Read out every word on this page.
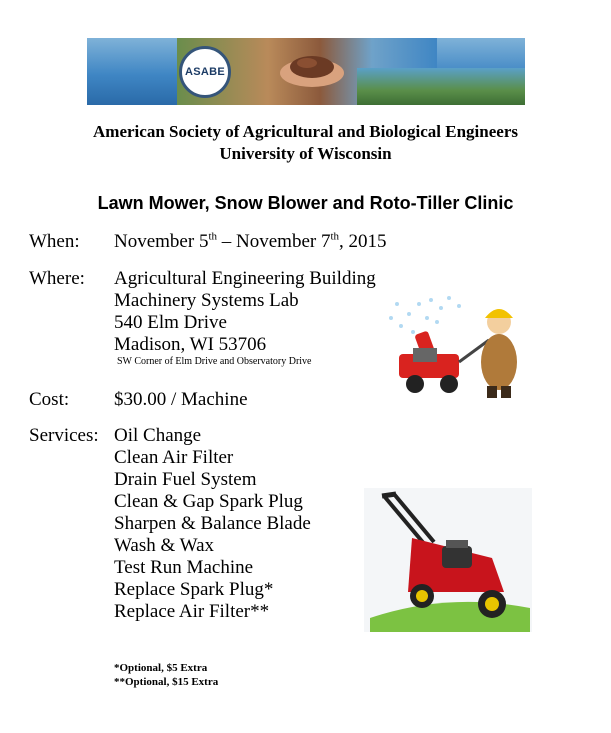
ASABE
American Society of Agricultural and Biological Engineers
University of Wisconsin
Lawn Mower, Snow Blower and Roto-Tiller Clinic
When: November 5th – November 7th, 2015
Where: Agricultural Engineering Building
Machinery Systems Lab
540 Elm Drive
Madison, WI 53706
SW Corner of Elm Drive and Observatory Drive
Cost: $30.00 / Machine
Services: Oil Change
Clean Air Filter
Drain Fuel System
Clean & Gap Spark Plug
Sharpen & Balance Blade
Wash & Wax
Test Run Machine
Replace Spark Plug*
Replace Air Filter**
*Optional, $5 Extra
**Optional, $15 Extra
